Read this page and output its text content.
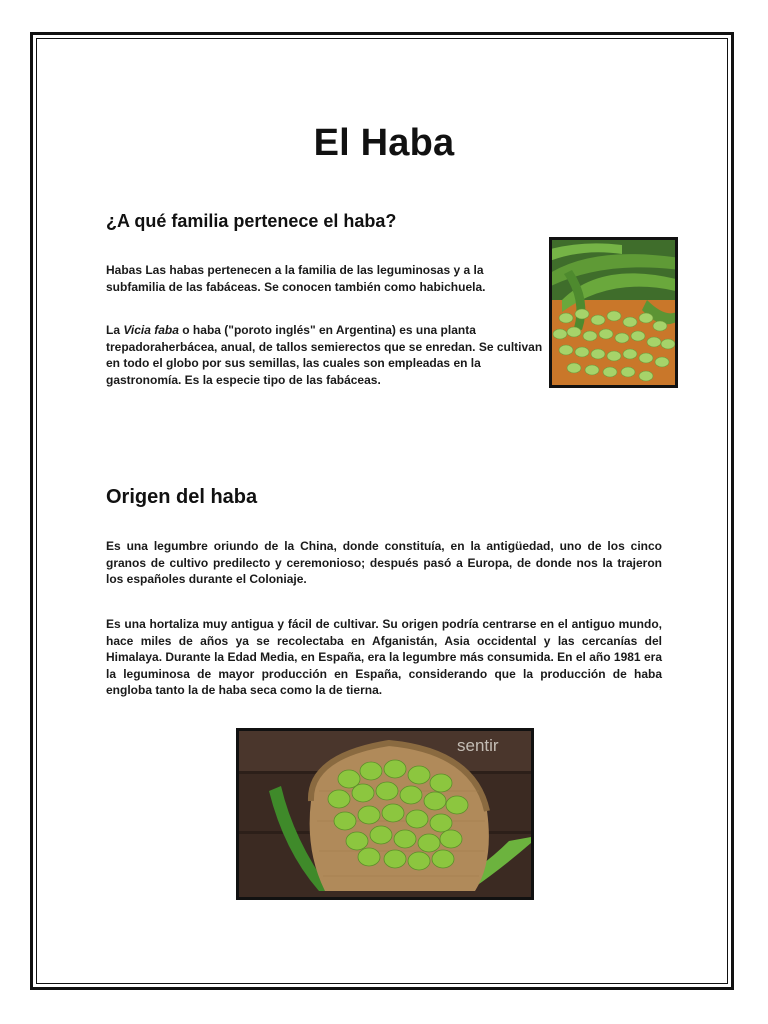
El Haba
¿A qué familia pertenece el haba?
Habas Las habas pertenecen a la familia de las leguminosas y a la subfamilia de las fabáceas. Se conocen también como habichuela.
La Vicia faba o haba ("poroto inglés" en Argentina) es una planta trepadoraherbácea, anual, de tallos semierectos que se enredan. Se cultivan en todo el globo por sus semillas, las cuales son empleadas en la gastronomía. Es la especie tipo de las fabáceas.
Origen del haba
Es una legumbre oriundo de la China, donde constituía, en la antigüedad, uno de los cinco granos de cultivo predilecto y ceremonioso; después pasó a Europa, de donde nos la trajeron los españoles durante el Coloniaje.
Es una hortaliza muy antigua y fácil de cultivar. Su origen podría centrarse en el antiguo mundo, hace miles de años ya se recolectaba en Afganistán, Asia occidental y las cercanías del Himalaya. Durante la Edad Media, en España, era la legumbre más consumida. En el año 1981 era la leguminosa de mayor producción en España, considerando que la producción de haba engloba tanto la de haba seca como la de tierna.
sentir
